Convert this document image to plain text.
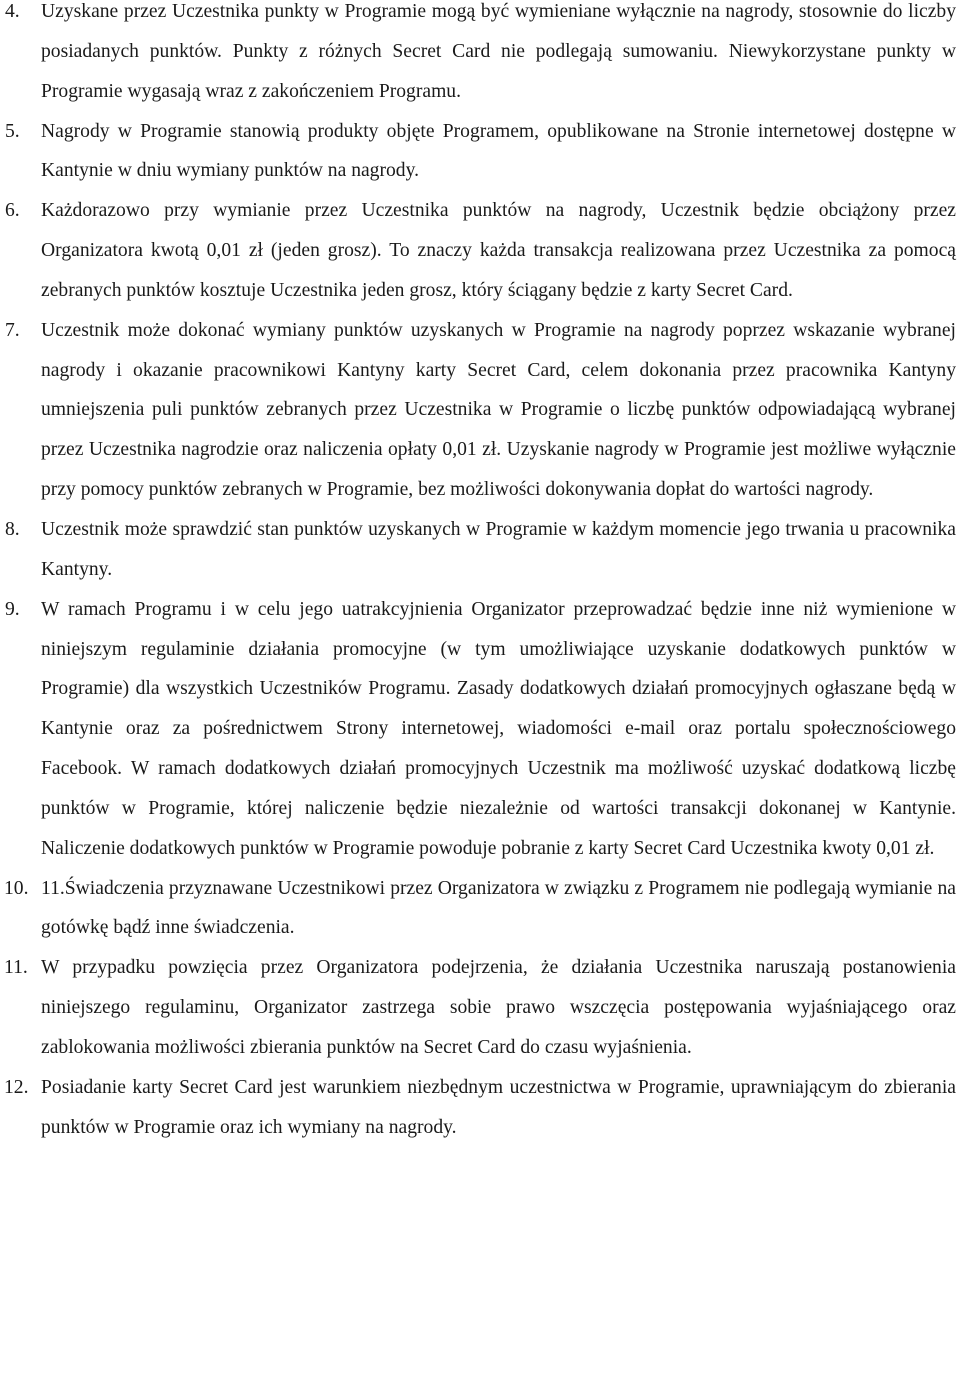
4. Uzyskane przez Uczestnika punkty w Programie mogą być wymieniane wyłącznie na nagrody, stosownie do liczby posiadanych punktów. Punkty z różnych Secret Card nie podlegają sumowaniu. Niewykorzystane punkty w Programie wygasają wraz z zakończeniem Programu.
5. Nagrody w Programie stanowią produkty objęte Programem, opublikowane na Stronie internetowej dostępne w Kantynie w dniu wymiany punktów na nagrody.
6. Każdorazowo przy wymianie przez Uczestnika punktów na nagrody, Uczestnik będzie obciążony przez Organizatora kwotą 0,01 zł (jeden grosz). To znaczy każda transakcja realizowana przez Uczestnika za pomocą zebranych punktów kosztuje Uczestnika jeden grosz, który ściągany będzie z karty Secret Card.
7. Uczestnik może dokonać wymiany punktów uzyskanych w Programie na nagrody poprzez wskazanie wybranej nagrody i okazanie pracownikowi Kantyny karty Secret Card, celem dokonania przez pracownika Kantyny umniejszenia puli punktów zebranych przez Uczestnika w Programie o liczbę punktów odpowiadającą wybranej przez Uczestnika nagrodzie oraz naliczenia opłaty 0,01 zł. Uzyskanie nagrody w Programie jest możliwe wyłącznie przy pomocy punktów zebranych w Programie, bez możliwości dokonywania dopłat do wartości nagrody.
8. Uczestnik może sprawdzić stan punktów uzyskanych w Programie w każdym momencie jego trwania u pracownika Kantyny.
9. W ramach Programu i w celu jego uatrakcyjnienia Organizator przeprowadzać będzie inne niż wymienione w niniejszym regulaminie działania promocyjne (w tym umożliwiające uzyskanie dodatkowych punktów w Programie) dla wszystkich Uczestników Programu. Zasady dodatkowych działań promocyjnych ogłaszane będą w Kantynie oraz za pośrednictwem Strony internetowej, wiadomości e-mail oraz portalu społecznościowego Facebook. W ramach dodatkowych działań promocyjnych Uczestnik ma możliwość uzyskać dodatkową liczbę punktów w Programie, której naliczenie będzie niezależnie od wartości transakcji dokonanej w Kantynie. Naliczenie dodatkowych punktów w Programie powoduje pobranie z karty Secret Card Uczestnika kwoty 0,01 zł.
10. 11.Świadczenia przyznawane Uczestnikowi przez Organizatora w związku z Programem nie podlegają wymianie na gotówkę bądź inne świadczenia.
11. W przypadku powzięcia przez Organizatora podejrzenia, że działania Uczestnika naruszają postanowienia niniejszego regulaminu, Organizator zastrzega sobie prawo wszczęcia postępowania wyjaśniającego oraz zablokowania możliwości zbierania punktów na Secret Card do czasu wyjaśnienia.
12. Posiadanie karty Secret Card jest warunkiem niezbędnym uczestnictwa w Programie, uprawniającym do zbierania punktów w Programie oraz ich wymiany na nagrody.
